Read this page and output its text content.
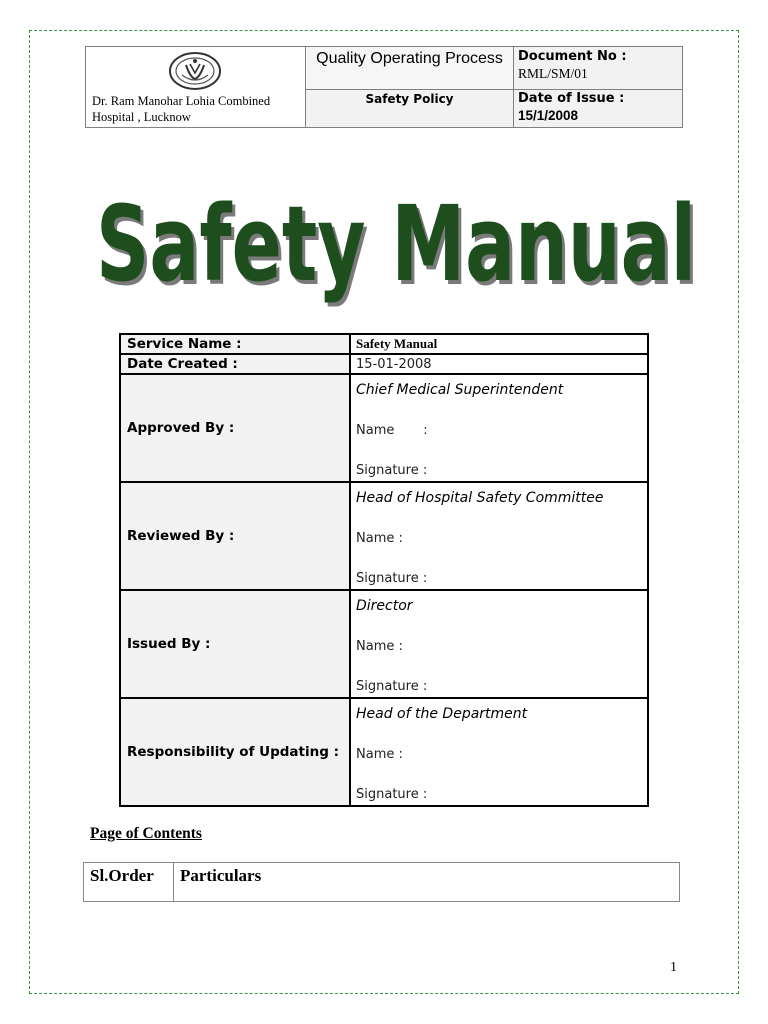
Dr. Ram Manohar Lohia Combined Hospital , Lucknow
Quality Operating Process
Safety Policy
Document No :
RML/SM/01
Date of Issue :
15/1/2008
Safety Manual
Safety Manual
Service Name :	Safety Manual
Date Created :	15-01-2008
Approved By :	Chief Medical Superintendent
Name       :
Signature :

Reviewed By :	Head of Hospital Safety Committee
Name :
Signature :

Issued By :	Director
Name :
Signature :

Responsibility of Updating :	Head of the Department
Name :
Signature :
Page of Contents
Sl.Order	Particulars
1
